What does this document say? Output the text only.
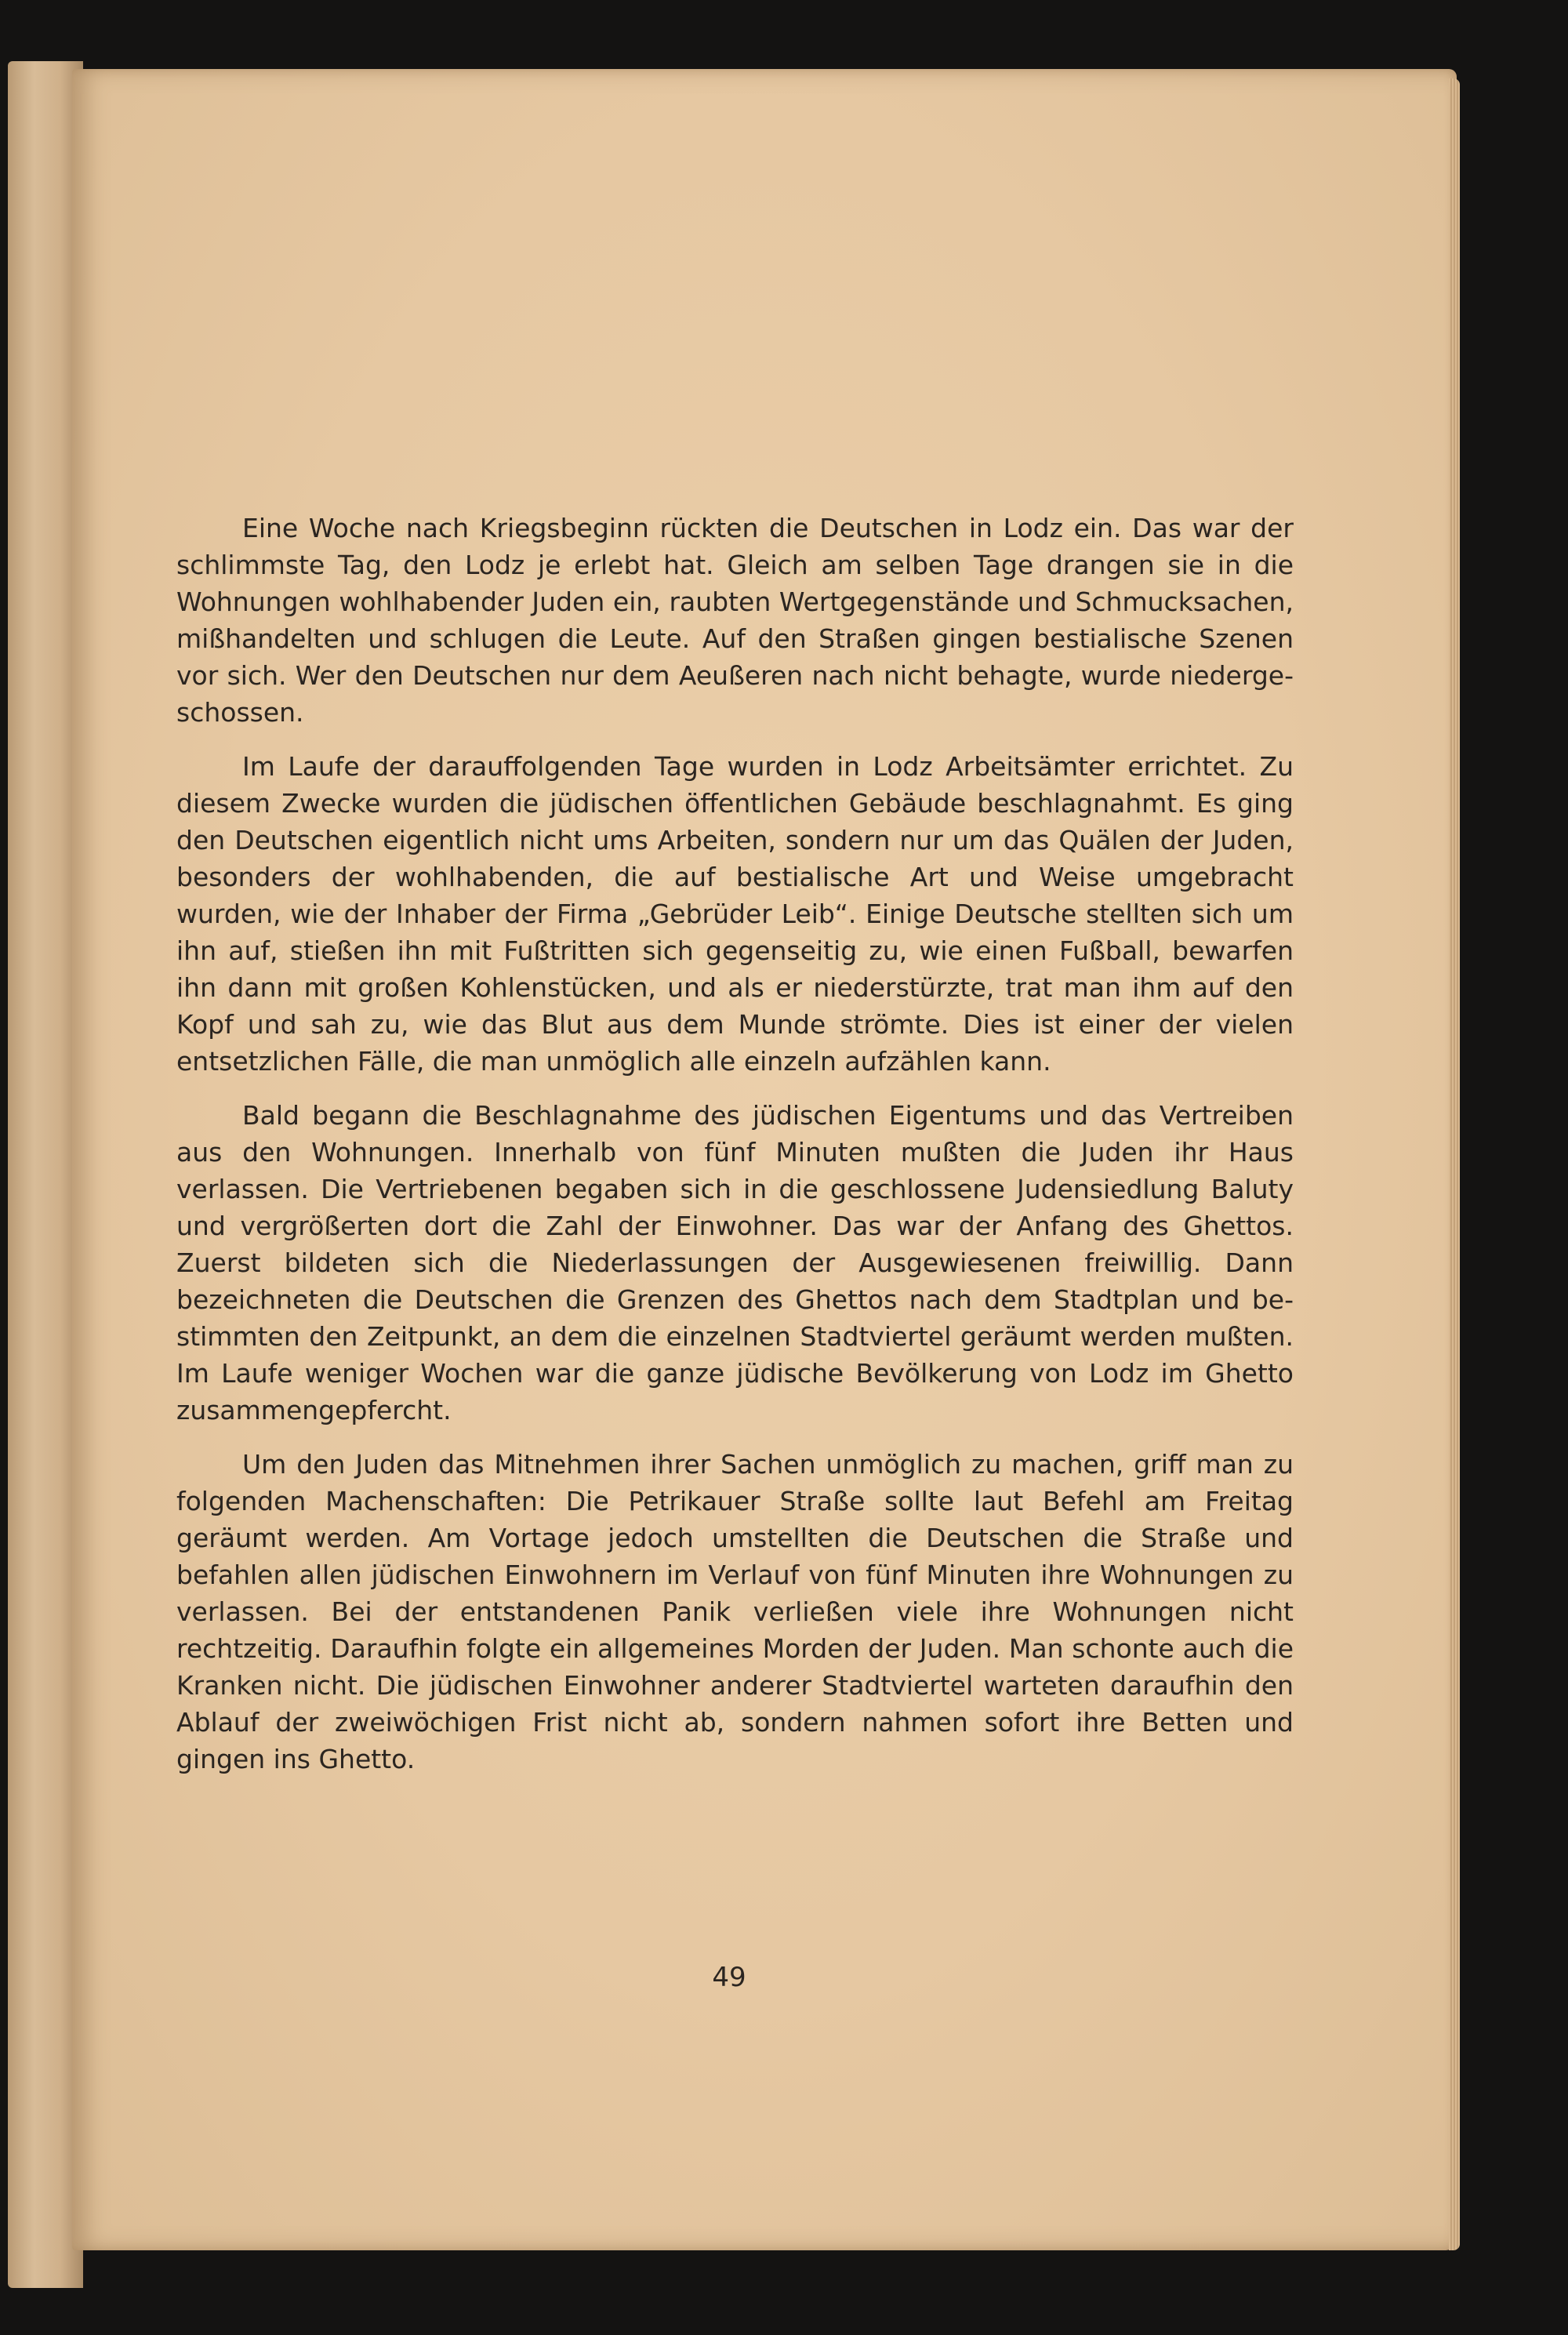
Eine Woche nach Kriegsbeginn rückten die Deutschen in Lodz ein. Das war der schlimmste Tag, den Lodz je erlebt hat. Gleich am selben Tage drangen sie in die Wohnungen wohlhabender Juden ein, raubten Wertgegenstände und Schmucksachen, mißhandelten und schlugen die Leute. Auf den Straßen gingen bestialische Szenen vor sich. Wer den Deutschen nur dem Aeußeren nach nicht behagte, wurde niedergeschossen.

Im Laufe der darauffolgenden Tage wurden in Lodz Arbeitsämter errichtet. Zu diesem Zwecke wurden die jüdischen öffentlichen Gebäude beschlagnahmt. Es ging den Deutschen eigentlich nicht ums Arbeiten, sondern nur um das Quälen der Juden, besonders der wohlhabenden, die auf bestialische Art und Weise umgebracht wurden, wie der Inhaber der Firma „Gebrüder Leib“. Einige Deutsche stellten sich um ihn auf, stießen ihn mit Fußtritten sich gegenseitig zu, wie einen Fußball, bewarfen ihn dann mit großen Kohlenstücken, und als er niederstürzte, trat man ihm auf den Kopf und sah zu, wie das Blut aus dem Munde strömte. Dies ist einer der vielen entsetzlichen Fälle, die man unmöglich alle einzeln aufzählen kann.

Bald begann die Beschlagnahme des jüdischen Eigentums und das Vertreiben aus den Wohnungen. Innerhalb von fünf Minuten mußten die Juden ihr Haus verlassen. Die Vertriebenen begaben sich in die geschlossene Judensiedlung Baluty und vergrößerten dort die Zahl der Einwohner. Das war der Anfang des Ghettos. Zuerst bildeten sich die Niederlassungen der Ausgewiesenen freiwillig. Dann bezeichneten die Deutschen die Grenzen des Ghettos nach dem Stadtplan und bestimmten den Zeitpunkt, an dem die einzelnen Stadtviertel geräumt werden mußten. Im Laufe weniger Wochen war die ganze jüdische Bevölkerung von Lodz im Ghetto zusammengepfercht.

Um den Juden das Mitnehmen ihrer Sachen unmöglich zu machen, griff man zu folgenden Machenschaften: Die Petrikauer Straße sollte laut Befehl am Freitag geräumt werden. Am Vortage jedoch umstellten die Deutschen die Straße und befahlen allen jüdischen Einwohnern im Verlauf von fünf Minuten ihre Wohnungen zu verlassen. Bei der entstandenen Panik verließen viele ihre Wohnungen nicht rechtzeitig. Daraufhin folgte ein allgemeines Morden der Juden. Man schonte auch die Kranken nicht. Die jüdischen Einwohner anderer Stadtviertel warteten daraufhin den Ablauf der zweiwöchigen Frist nicht ab, sondern nahmen sofort ihre Betten und gingen ins Ghetto.

49
